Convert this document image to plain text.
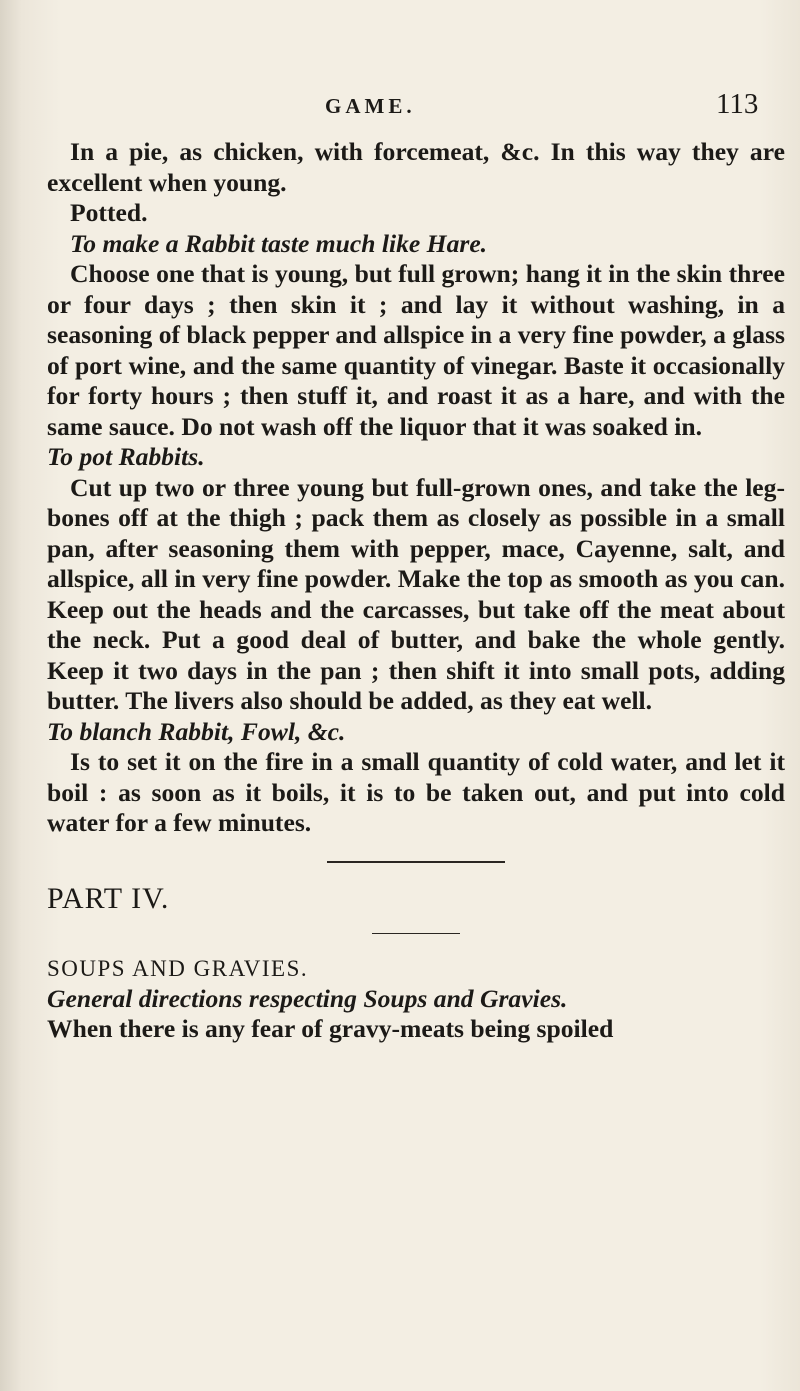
GAME.	113

In a pie, as chicken, with forcemeat, &c. In this way they are excellent when young.

Potted.

To make a Rabbit taste much like Hare.

Choose one that is young, but full grown; hang it in the skin three or four days ; then skin it ; and lay it without washing, in a seasoning of black pepper and allspice in a very fine powder, a glass of port wine, and the same quantity of vinegar. Baste it occasionally for forty hours ; then stuff it, and roast it as a hare, and with the same sauce. Do not wash off the liquor that it was soaked in.

To pot Rabbits.

Cut up two or three young but full-grown ones, and take the leg-bones off at the thigh ; pack them as closely as possible in a small pan, after seasoning them with pepper, mace, Cayenne, salt, and allspice, all in very fine powder. Make the top as smooth as you can. Keep out the heads and the carcasses, but take off the meat about the neck. Put a good deal of butter, and bake the whole gently. Keep it two days in the pan ; then shift it into small pots, adding butter. The livers also should be added, as they eat well.

To blanch Rabbit, Fowl, &c.

Is to set it on the fire in a small quantity of cold water, and let it boil : as soon as it boils, it is to be taken out, and put into cold water for a few minutes.

PART IV.

SOUPS AND GRAVIES.

General directions respecting Soups and Gravies.

When there is any fear of gravy-meats being spoiled
